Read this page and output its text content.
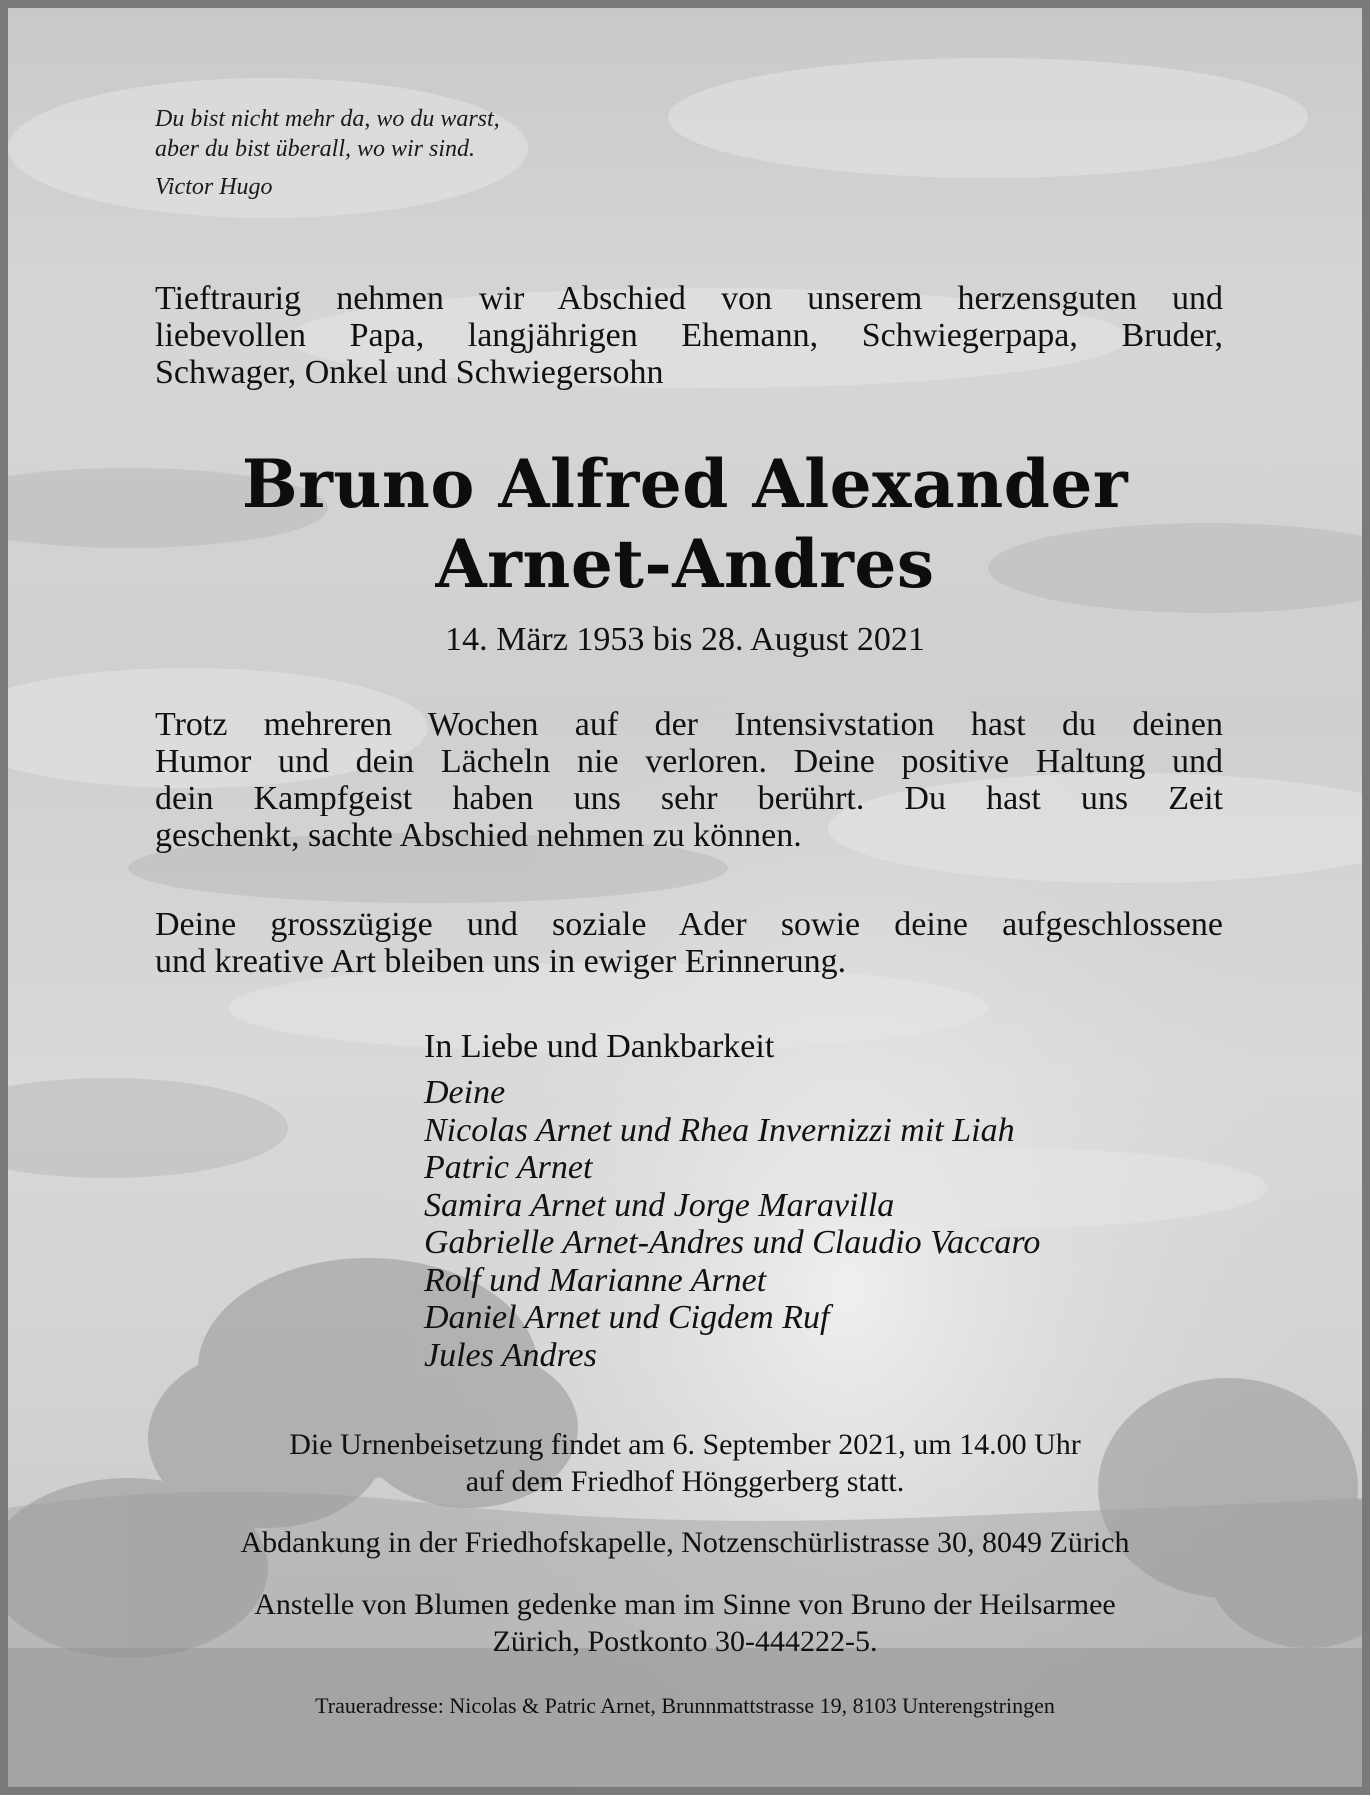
Du bist nicht mehr da, wo du warst,
aber du bist überall, wo wir sind.
Victor Hugo
Tieftraurig nehmen wir Abschied von unserem herzensguten und
liebevollen Papa, langjährigen Ehemann, Schwiegerpapa, Bruder,
Schwager, Onkel und Schwiegersohn
Bruno Alfred Alexander
Arnet-Andres
14. März 1953 bis 28. August 2021
Trotz mehreren Wochen auf der Intensivstation hast du deinen
Humor und dein Lächeln nie verloren. Deine positive Haltung und
dein Kampfgeist haben uns sehr berührt. Du hast uns Zeit
geschenkt, sachte Abschied nehmen zu können.
Deine grosszügige und soziale Ader sowie deine aufgeschlossene
und kreative Art bleiben uns in ewiger Erinnerung.
In Liebe und Dankbarkeit
Deine
Nicolas Arnet und Rhea Invernizzi mit Liah
Patric Arnet
Samira Arnet und Jorge Maravilla
Gabrielle Arnet-Andres und Claudio Vaccaro
Rolf und Marianne Arnet
Daniel Arnet und Cigdem Ruf
Jules Andres
Die Urnenbeisetzung findet am 6. September 2021, um 14.00 Uhr
auf dem Friedhof Hönggerberg statt.
Abdankung in der Friedhofskapelle, Notzenschürlistrasse 30, 8049 Zürich
Anstelle von Blumen gedenke man im Sinne von Bruno der Heilsarmee
Zürich, Postkonto 30-444222-5.
Traueradresse: Nicolas & Patric Arnet, Brunnmattstrasse 19, 8103 Unterengstringen
